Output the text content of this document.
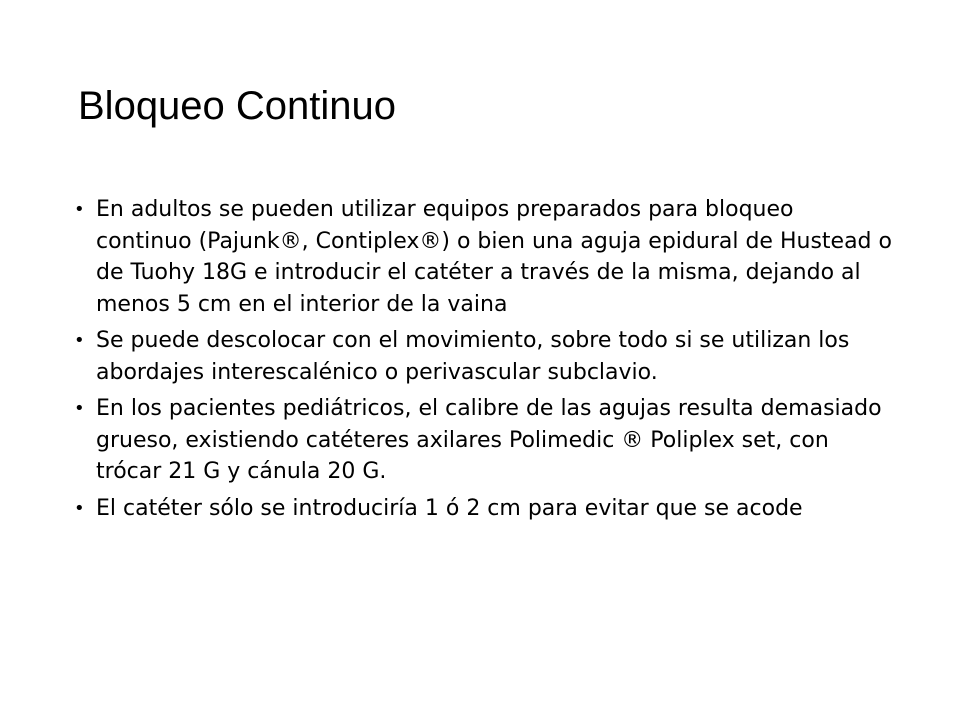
Bloqueo Continuo
• En adultos se pueden utilizar equipos preparados para bloqueo continuo (Pajunk®, Contiplex®) o bien una aguja epidural de Hustead o de Tuohy 18G e introducir el catéter a través de la misma, dejando al menos 5 cm en el interior de la vaina
• Se puede descolocar con el movimiento, sobre todo si se utilizan los abordajes interescalénico o perivascular subclavio.
• En los pacientes pediátricos, el calibre de las agujas resulta demasiado grueso, existiendo catéteres axilares Polimedic ® Poliplex set, con trócar 21 G y cánula 20 G.
• El catéter sólo se introduciría 1 ó 2 cm para evitar que se acode
